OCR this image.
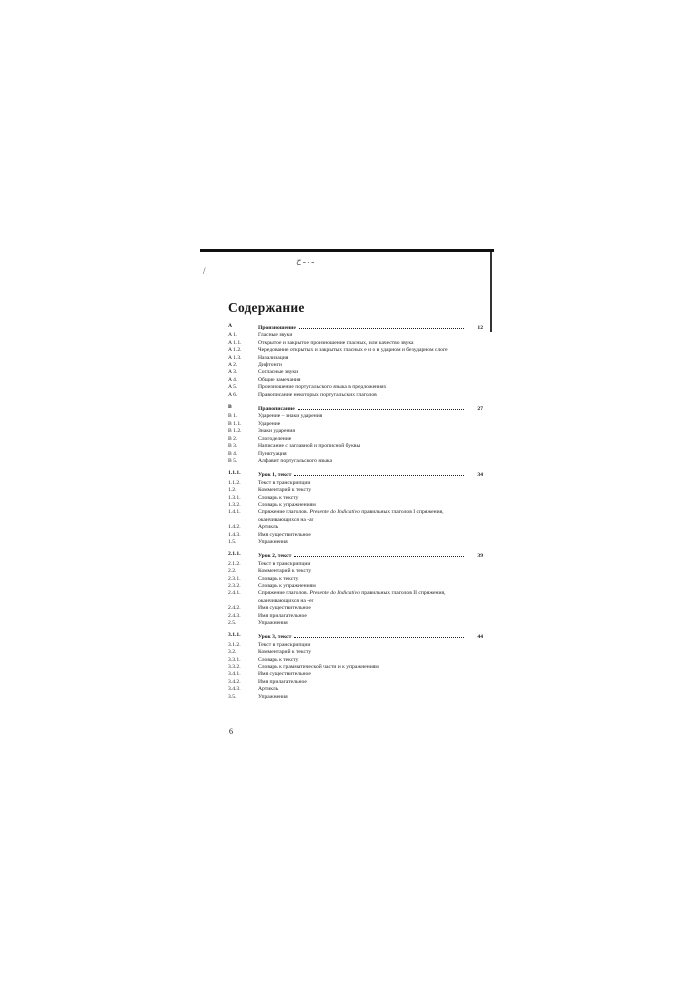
ـ . ـ ح
/
Содержание
A	Произношение	12
A 1.	Гласные звуки
A 1.1.	Открытое и закрытое произношение гласных, или качество звука
A 1.2.	Чередование открытых и закрытых гласных e и o в ударном и безударном слоге
A 1.3.	Назализация
A 2.	Дифтонги
A 3.	Согласные звуки
A 4.	Общие замечания
A 5.	Произношение португальского языка в предложениях
A 6.	Правописание некоторых португальских глаголов
B	Правописание	27
B 1.	Ударение – знаки ударения
B 1.1.	Ударение
B 1.2.	Знаки ударения
B 2.	Слогоделение
B 3.	Написание с заглавной и прописной буквы
B 4.	Пунктуация
B 5.	Алфавит португальского языка
1.1.1.	Урок 1, текст	34
1.1.2.	Текст в транскрипции
1.2.	Комментарий к тексту
1.3.1.	Словарь к тексту
1.3.2.	Словарь к упражнениям
1.4.1.	Спряжение глаголов. Presente do Indicativo правильных глаголов I спряжения, оканчивающихся на -ar
1.4.2.	Артикль
1.4.3.	Имя существительное
1.5.	Упражнения
2.1.1.	Урок 2, текст	39
2.1.2.	Текст в транскрипции
2.2.	Комментарий к тексту
2.3.1.	Словарь к тексту
2.3.2.	Словарь к упражнениям
2.4.1.	Спряжение глаголов. Presente do Indicativo правильных глаголов II спряжения, оканчивающихся на -er
2.4.2.	Имя существительное
2.4.3.	Имя прилагательное
2.5.	Упражнения
3.1.1.	Урок 3, текст	44
3.1.2.	Текст в транскрипции
3.2.	Комментарий к тексту
3.3.1.	Словарь к тексту
3.3.2.	Словарь к грамматической части и к упражнениям
3.4.1.	Имя существительное
3.4.2.	Имя прилагательное
3.4.3.	Артикль
3.5.	Упражнения
6
